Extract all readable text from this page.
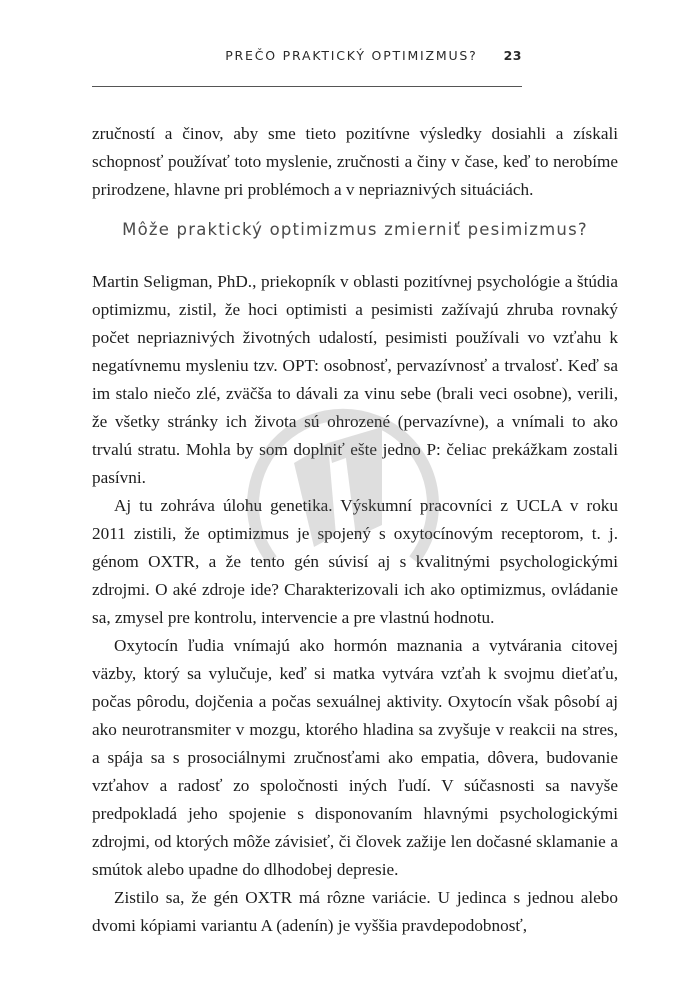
PREČO PRAKTICKÝ OPTIMIZMUS? 23

zručností a činov, aby sme tieto pozitívne výsledky dosiahli a získali schopnosť používať toto myslenie, zručnosti a činy v čase, keď to nerobíme prirodzene, hlavne pri problémoch a v nepriaznivých situáciách.

Môže praktický optimizmus zmierniť pesimizmus?

Martin Seligman, PhD., priekopník v oblasti pozitívnej psychológie a štúdia optimizmu, zistil, že hoci optimisti a pesimisti zažívajú zhruba rovnaký počet nepriaznivých životných udalostí, pesimisti používali vo vzťahu k negatívnemu mysleniu tzv. OPT: osobnosť, pervazívnosť a trvalosť. Keď sa im stalo niečo zlé, zväčša to dávali za vinu sebe (brali veci osobne), verili, že všetky stránky ich života sú ohrozené (pervazívne), a vnímali to ako trvalú stratu. Mohla by som doplniť ešte jedno P: čeliac prekážkam zostali pasívni.

Aj tu zohráva úlohu genetika. Výskumní pracovníci z UCLA v roku 2011 zistili, že optimizmus je spojený s oxytocínovým receptorom, t. j. génom OXTR, a že tento gén súvisí aj s kvalitnými psychologickými zdrojmi. O aké zdroje ide? Charakterizovali ich ako optimizmus, ovládanie sa, zmysel pre kontrolu, intervencie a pre vlastnú hodnotu.

Oxytocín ľudia vnímajú ako hormón maznania a vytvárania citovej väzby, ktorý sa vylučuje, keď si matka vytvára vzťah k svojmu dieťaťu, počas pôrodu, dojčenia a počas sexuálnej aktivity. Oxytocín však pôsobí aj ako neurotransmiter v mozgu, ktorého hladina sa zvyšuje v reakcii na stres, a spája sa s prosociálnymi zručnosťami ako empatia, dôvera, budovanie vzťahov a radosť zo spoločnosti iných ľudí. V súčasnosti sa navyše predpokladá jeho spojenie s disponovaním hlavnými psychologickými zdrojmi, od ktorých môže závisieť, či človek zažije len dočasné sklamanie a smútok alebo upadne do dlhodobej depresie.

Zistilo sa, že gén OXTR má rôzne variácie. U jedinca s jednou alebo dvomi kópiami variantu A (adenín) je vyššia pravdepodobnosť,
